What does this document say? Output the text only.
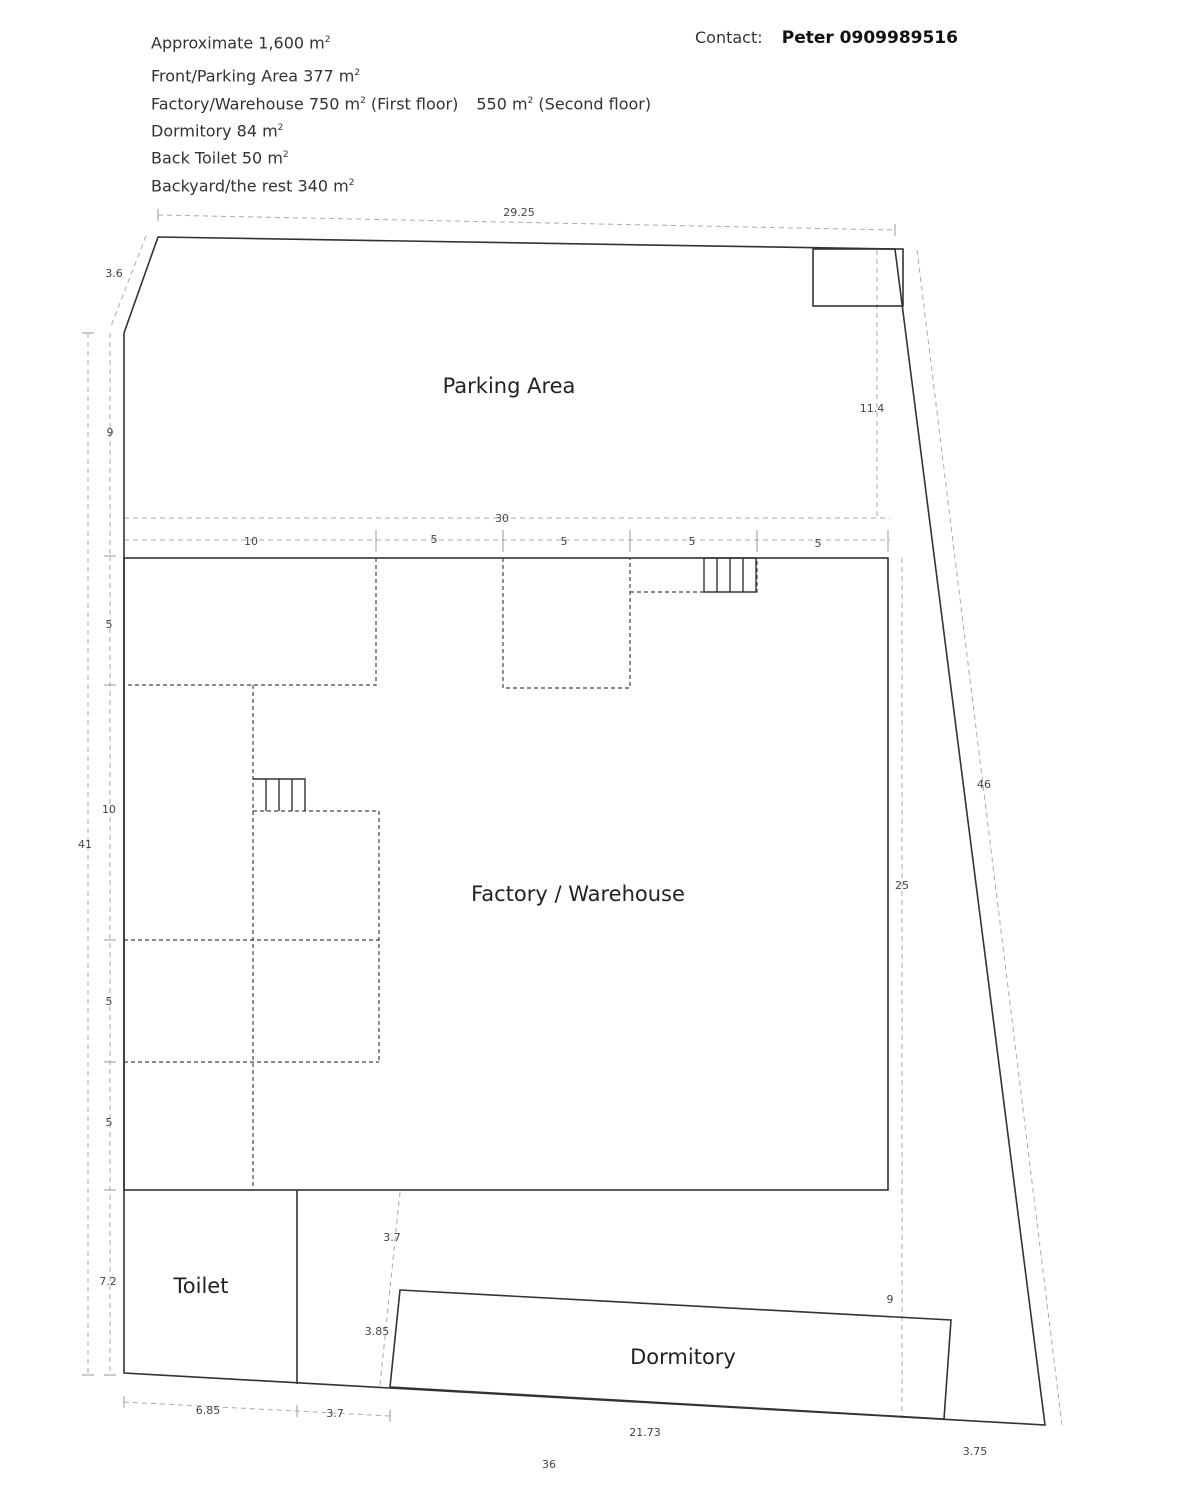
Approximate 1,600 $m^2$
Front/Parking Area 377 $m^2$
Factory/Warehouse 750 $m^2$ (First floor) 550 $m^2$ (Second floor)
Dormitory 84 $m^2$
Back Toilet 50 $m^2$
Backyard/the rest 340 $m^2$
Contact: Peter 0909989516
Parking Area
Factory / Warehouse
Toilet
Dormitory
29.25
3.6
9
11.4
30
10	5	5	5	5
41
5
10
5
5
25
46
7.2
3.7
3.85
9
6.85	3.7
21.73
36
3.75
